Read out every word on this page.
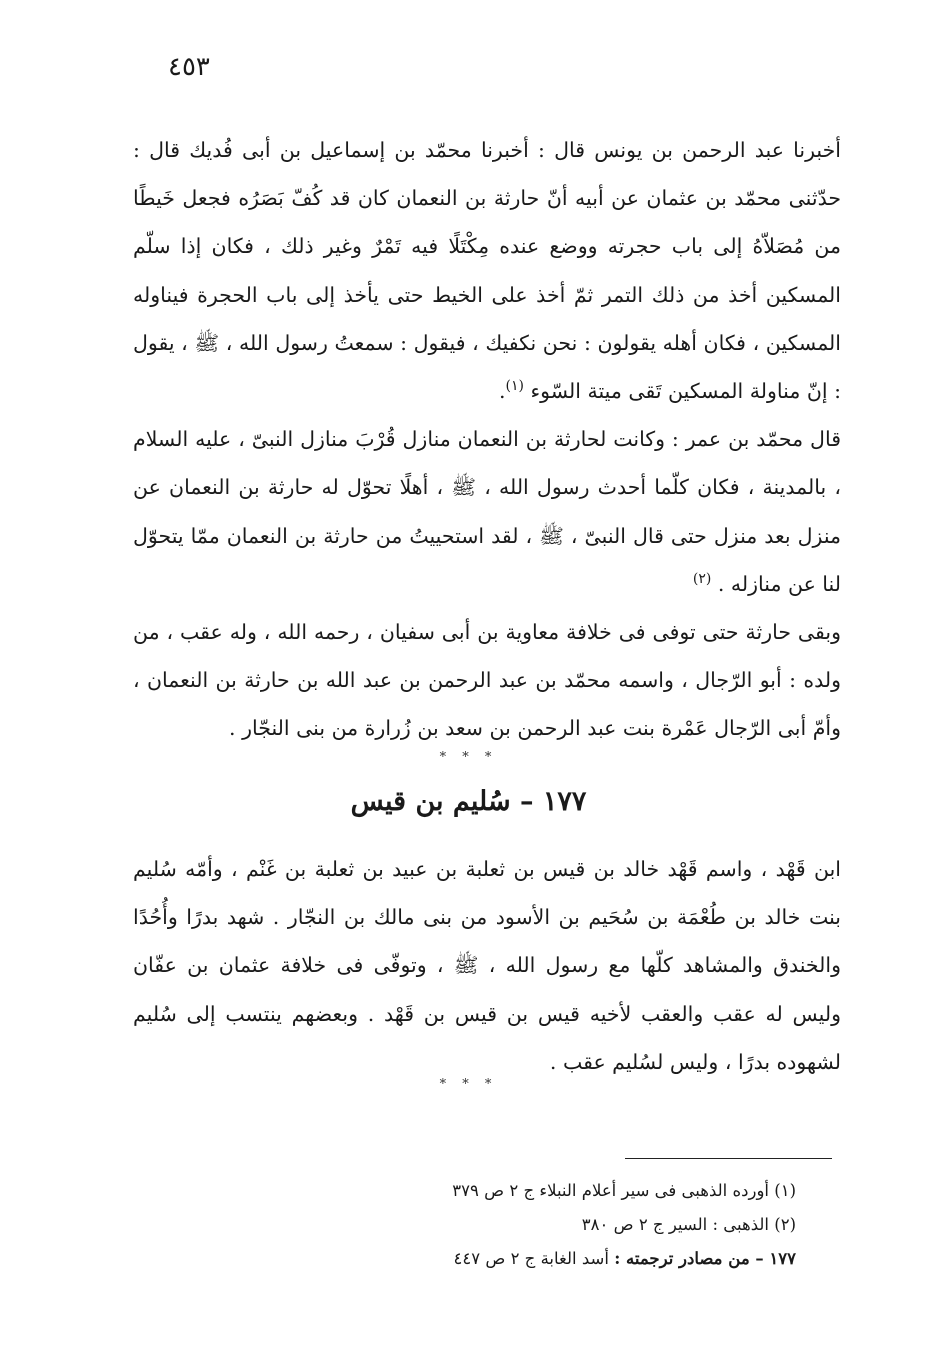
٤٥٣

أخبرنا عبد الرحمن بن يونس قال : أخبرنا محمّد بن إسماعيل بن أبى فُديك قال : حدّثنى محمّد بن عثمان عن أبيه أنّ حارثة بن النعمان كان قد كُفّ بَصَرُه فجعل خَيطًا من مُصَلاّهُ إلى باب حجرته ووضع عنده مِكْتَلًا فيه تَمْرٌ وغير ذلك ، فكان إذا سلّم المسكين أخذ من ذلك التمر ثمّ أخذ على الخيط حتى يأخذ إلى باب الحجرة فيناوله المسكين ، فكان أهله يقولون : نحن نكفيك ، فيقول : سمعتُ رسول الله ، ﷺ ، يقول : إنّ مناولة المسكين تَقى ميتة السّوء $^{(١)}$.

قال محمّد بن عمر : وكانت لحارثة بن النعمان منازل قُرْبَ منازل النبىّ ، عليه السلام ، بالمدينة ، فكان كلّما أحدث رسول الله ، ﷺ ، أهلًا تحوّل له حارثة بن النعمان عن منزل بعد منزل حتى قال النبىّ ، ﷺ ، لقد استحييتُ من حارثة بن النعمان ممّا يتحوّل لنا عن منازله . $^{(٢)}$

وبقى حارثة حتى توفى فى خلافة معاوية بن أبى سفيان ، رحمه الله ، وله عقب ، من ولده : أبو الرّجال ، واسمه محمّد بن عبد الرحمن بن عبد الله بن حارثة بن النعمان ، وأمّ أبى الرّجال عَمْرة بنت عبد الرحمن بن سعد بن زُرارة من بنى النجّار .

* * *
١٧٧ – سُليم بن قيس

ابن قَهْد ، واسم قَهْد خالد بن قيس بن ثعلبة بن عبيد بن ثعلبة بن غَنْم ، وأمّه سُليم بنت خالد بن طُعْمَة بن سُحَيم بن الأسود من بنى مالك بن النجّار . شهد بدرًا وأُحُدًا والخندق والمشاهد كلّها مع رسول الله ، ﷺ ، وتوفّى فى خلافة عثمان بن عفّان وليس له عقب والعقب لأخيه قيس بن قيس بن قَهْد . وبعضهم ينتسب إلى سُليم لشهوده بدرًا ، وليس لسُليم عقب .

* * *

(١) أورده الذهبى فى سير أعلام النبلاء ج ٢ ص ٣٧٩

(٢) الذهبى : السير ج ٢ ص ٣٨٠

١٧٧ – من مصادر ترجمته : أسد الغابة ج ٢ ص ٤٤٧
